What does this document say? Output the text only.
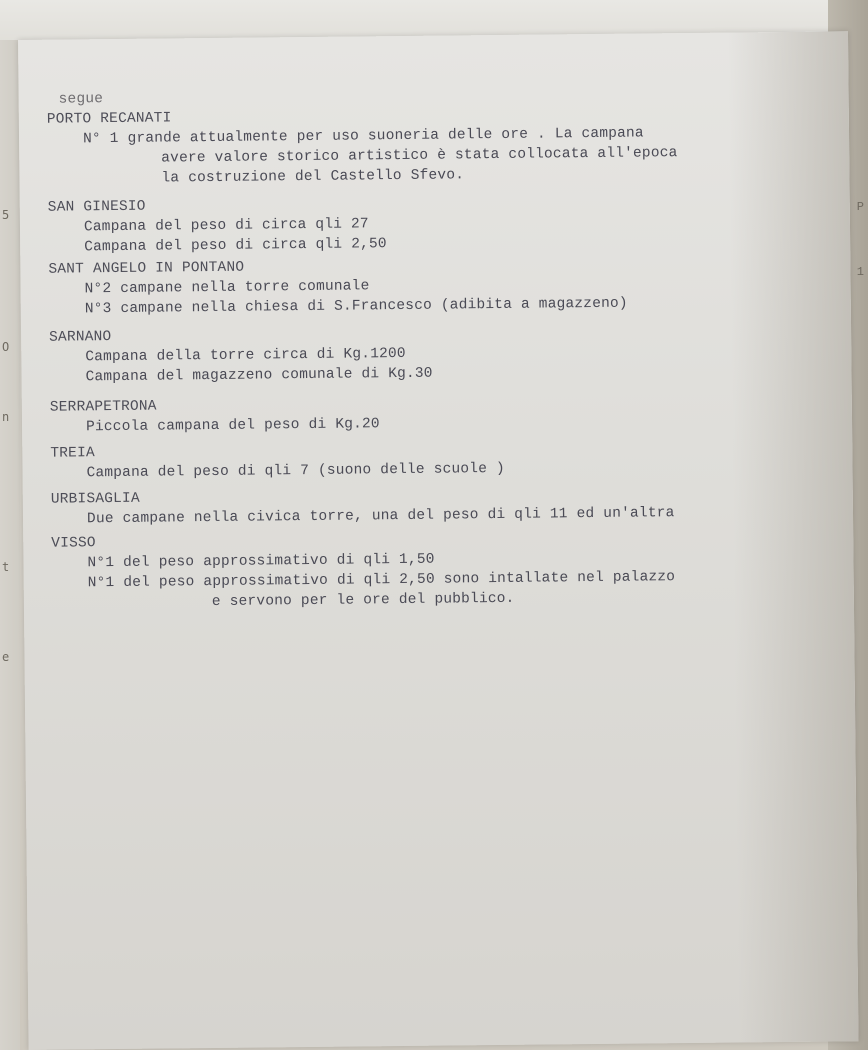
5
O
n
t
e
P
1
segue
PORTO RECANATI
N° 1 grande attualmente per uso suoneria delle ore . La campana
avere valore storico artistico è stata collocata all'epoca
la costruzione del Castello Sfevo.
SAN GINESIO
Campana del peso di circa qli 27
Campana del peso di circa qli 2,50
SANT ANGELO IN PONTANO
N°2 campane nella torre comunale
N°3 campane nella chiesa di S.Francesco (adibita a magazzeno)
SARNANO
Campana della torre circa di Kg.1200
Campana del magazzeno comunale di Kg.30
SERRAPETRONA
Piccola campana del peso di Kg.20
TREIA
Campana del peso di qli 7 (suono delle scuole )
URBISAGLIA
Due campane nella civica torre, una del peso di qli 11 ed un'altra
VISSO
N°1 del peso approssimativo di qli 1,50
N°1 del peso approssimativo di qli 2,50 sono intallate nel palazzo
e servono per le ore del pubblico.
